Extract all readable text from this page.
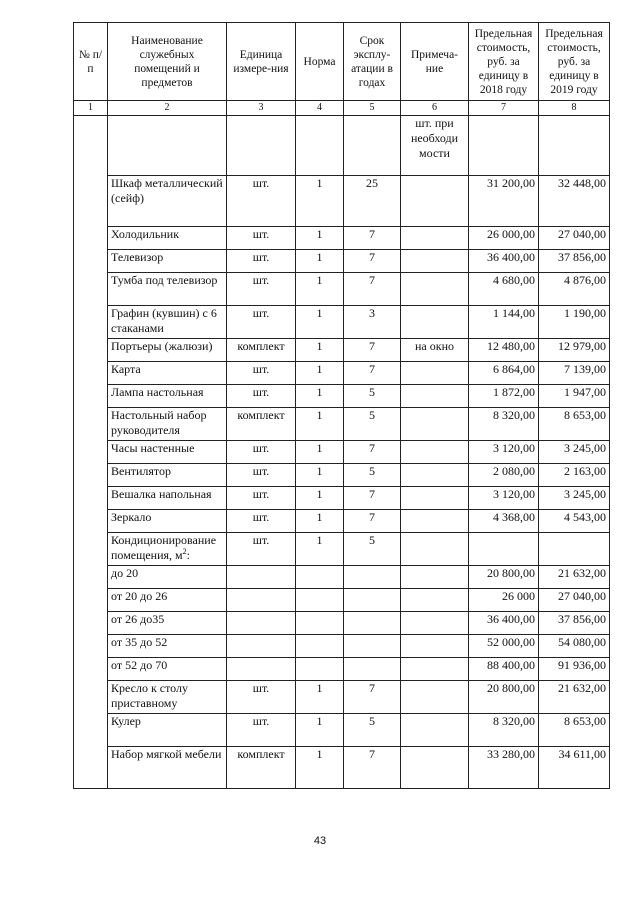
№ п/п	Наименование служебных помещений и предметов	Единица измере-ния	Норма	Срок эксплу-атации в годах	Примеча-ние	Предельная стоимость, руб. за единицу в 2018 году	Предельная стоимость, руб. за единицу в 2019 году
1	2	3	4	5	6	7	8
					шт. при необходи мости		
	Шкаф металлический (сейф)	шт.	1	25		31 200,00	32 448,00
	Холодильник	шт.	1	7		26 000,00	27 040,00
	Телевизор	шт.	1	7		36 400,00	37 856,00
	Тумба под телевизор	шт.	1	7		4 680,00	4 876,00
	Графин (кувшин) с 6 стаканами	шт.	1	3		1 144,00	1 190,00
	Портьеры (жалюзи)	комплект	1	7	на окно	12 480,00	12 979,00
	Карта	шт.	1	7		6 864,00	7 139,00
	Лампа настольная	шт.	1	5		1 872,00	1 947,00
	Настольный набор руководителя	комплект	1	5		8 320,00	8 653,00
	Часы настенные	шт.	1	7		3 120,00	3 245,00
	Вентилятор	шт.	1	5		2 080,00	2 163,00
	Вешалка напольная	шт.	1	7		3 120,00	3 245,00
	Зеркало	шт.	1	7		4 368,00	4 543,00
	Кондиционирование помещения, $м^2$:	шт.	1	5			
	до 20					20 800,00	21 632,00
	от 20 до 26					26 000	27 040,00
	от 26 до35					36 400,00	37 856,00
	от 35 до 52					52 000,00	54 080,00
	от 52 до 70					88 400,00	91 936,00
	Кресло к столу приставному	шт.	1	7		20 800,00	21 632,00
	Кулер	шт.	1	5		8 320,00	8 653,00
	Набор мягкой мебели	комплект	1	7		33 280,00	34 611,00
43
